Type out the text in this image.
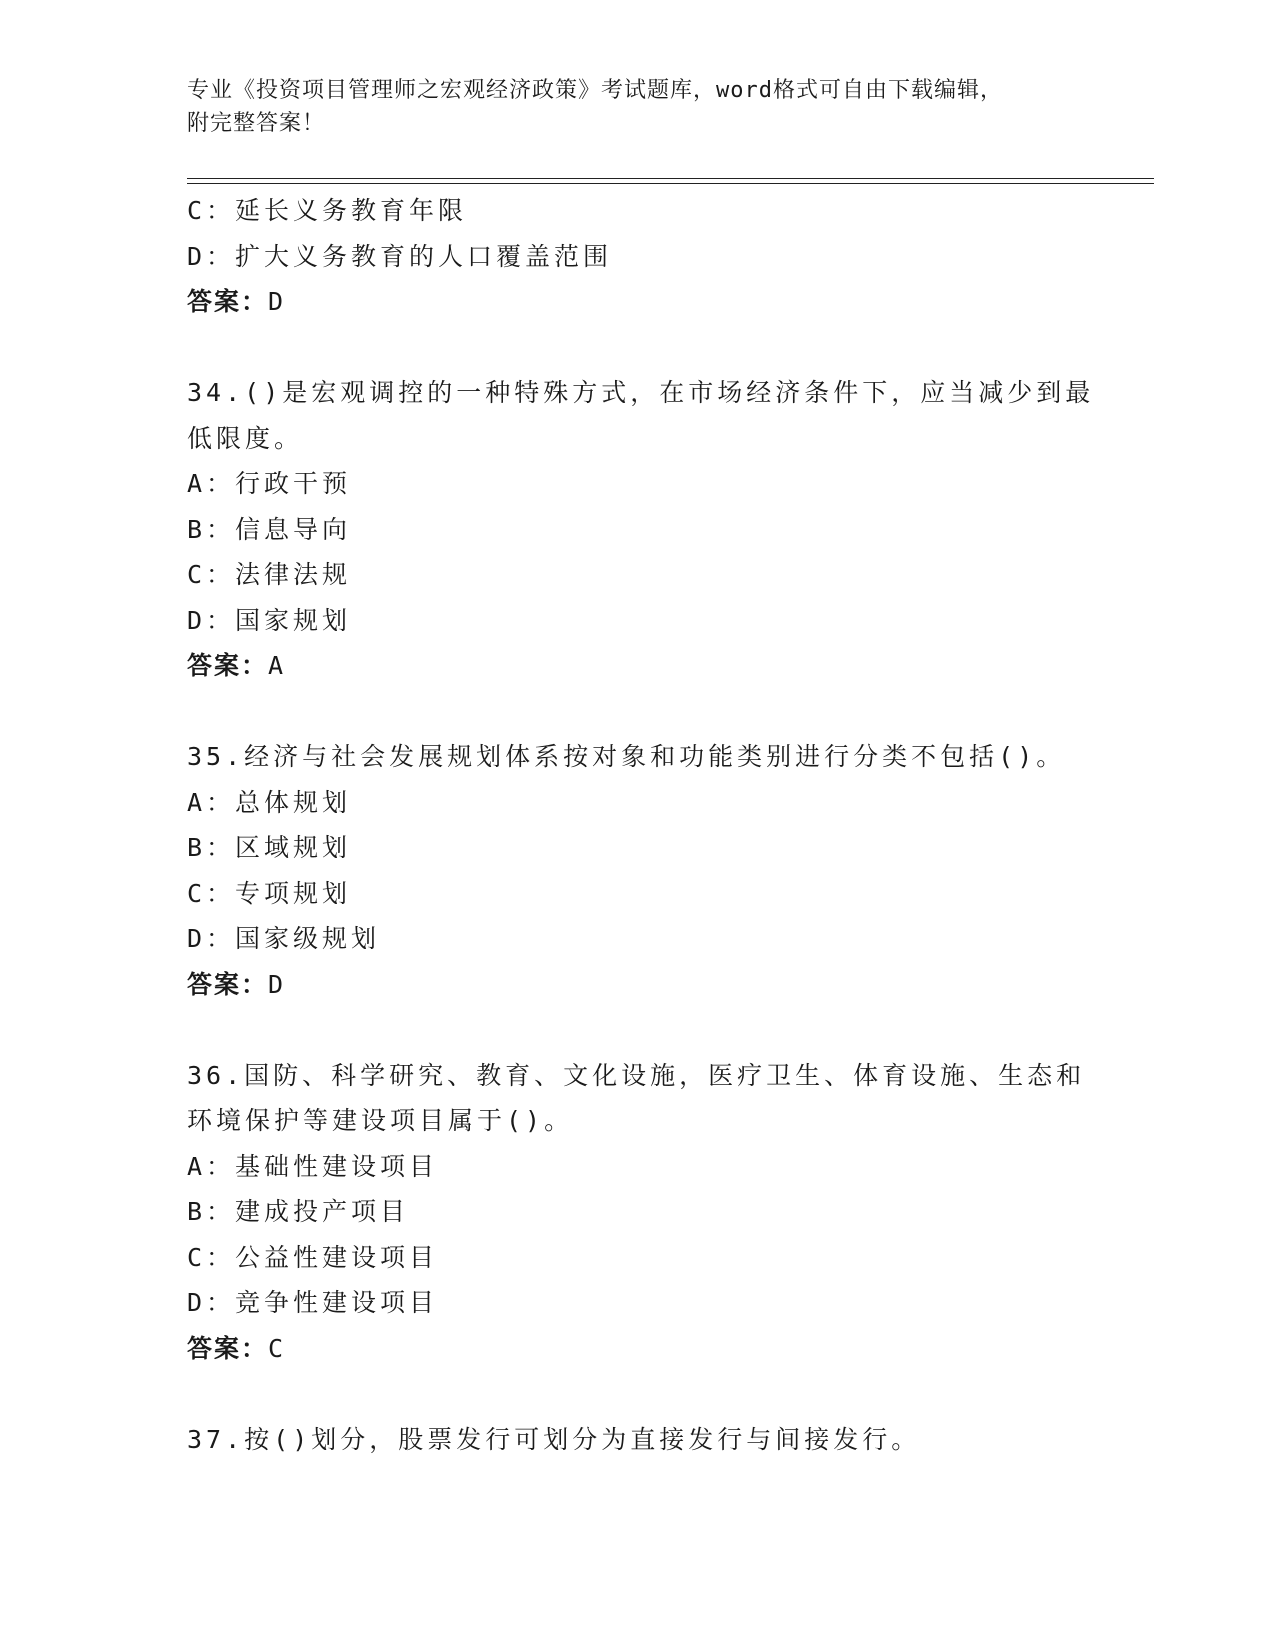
专业《投资项目管理师之宏观经济政策》考试题库，word格式可自由下载编辑，
附完整答案！
C：延长义务教育年限
D：扩大义务教育的人口覆盖范围
答案：D
34.()是宏观调控的一种特殊方式，在市场经济条件下，应当减少到最
低限度。
A：行政干预
B：信息导向
C：法律法规
D：国家规划
答案：A
35.经济与社会发展规划体系按对象和功能类别进行分类不包括()。
A：总体规划
B：区域规划
C：专项规划
D：国家级规划
答案：D
36.国防、科学研究、教育、文化设施，医疗卫生、体育设施、生态和
环境保护等建设项目属于()。
A：基础性建设项目
B：建成投产项目
C：公益性建设项目
D：竞争性建设项目
答案：C
37.按()划分，股票发行可划分为直接发行与间接发行。
